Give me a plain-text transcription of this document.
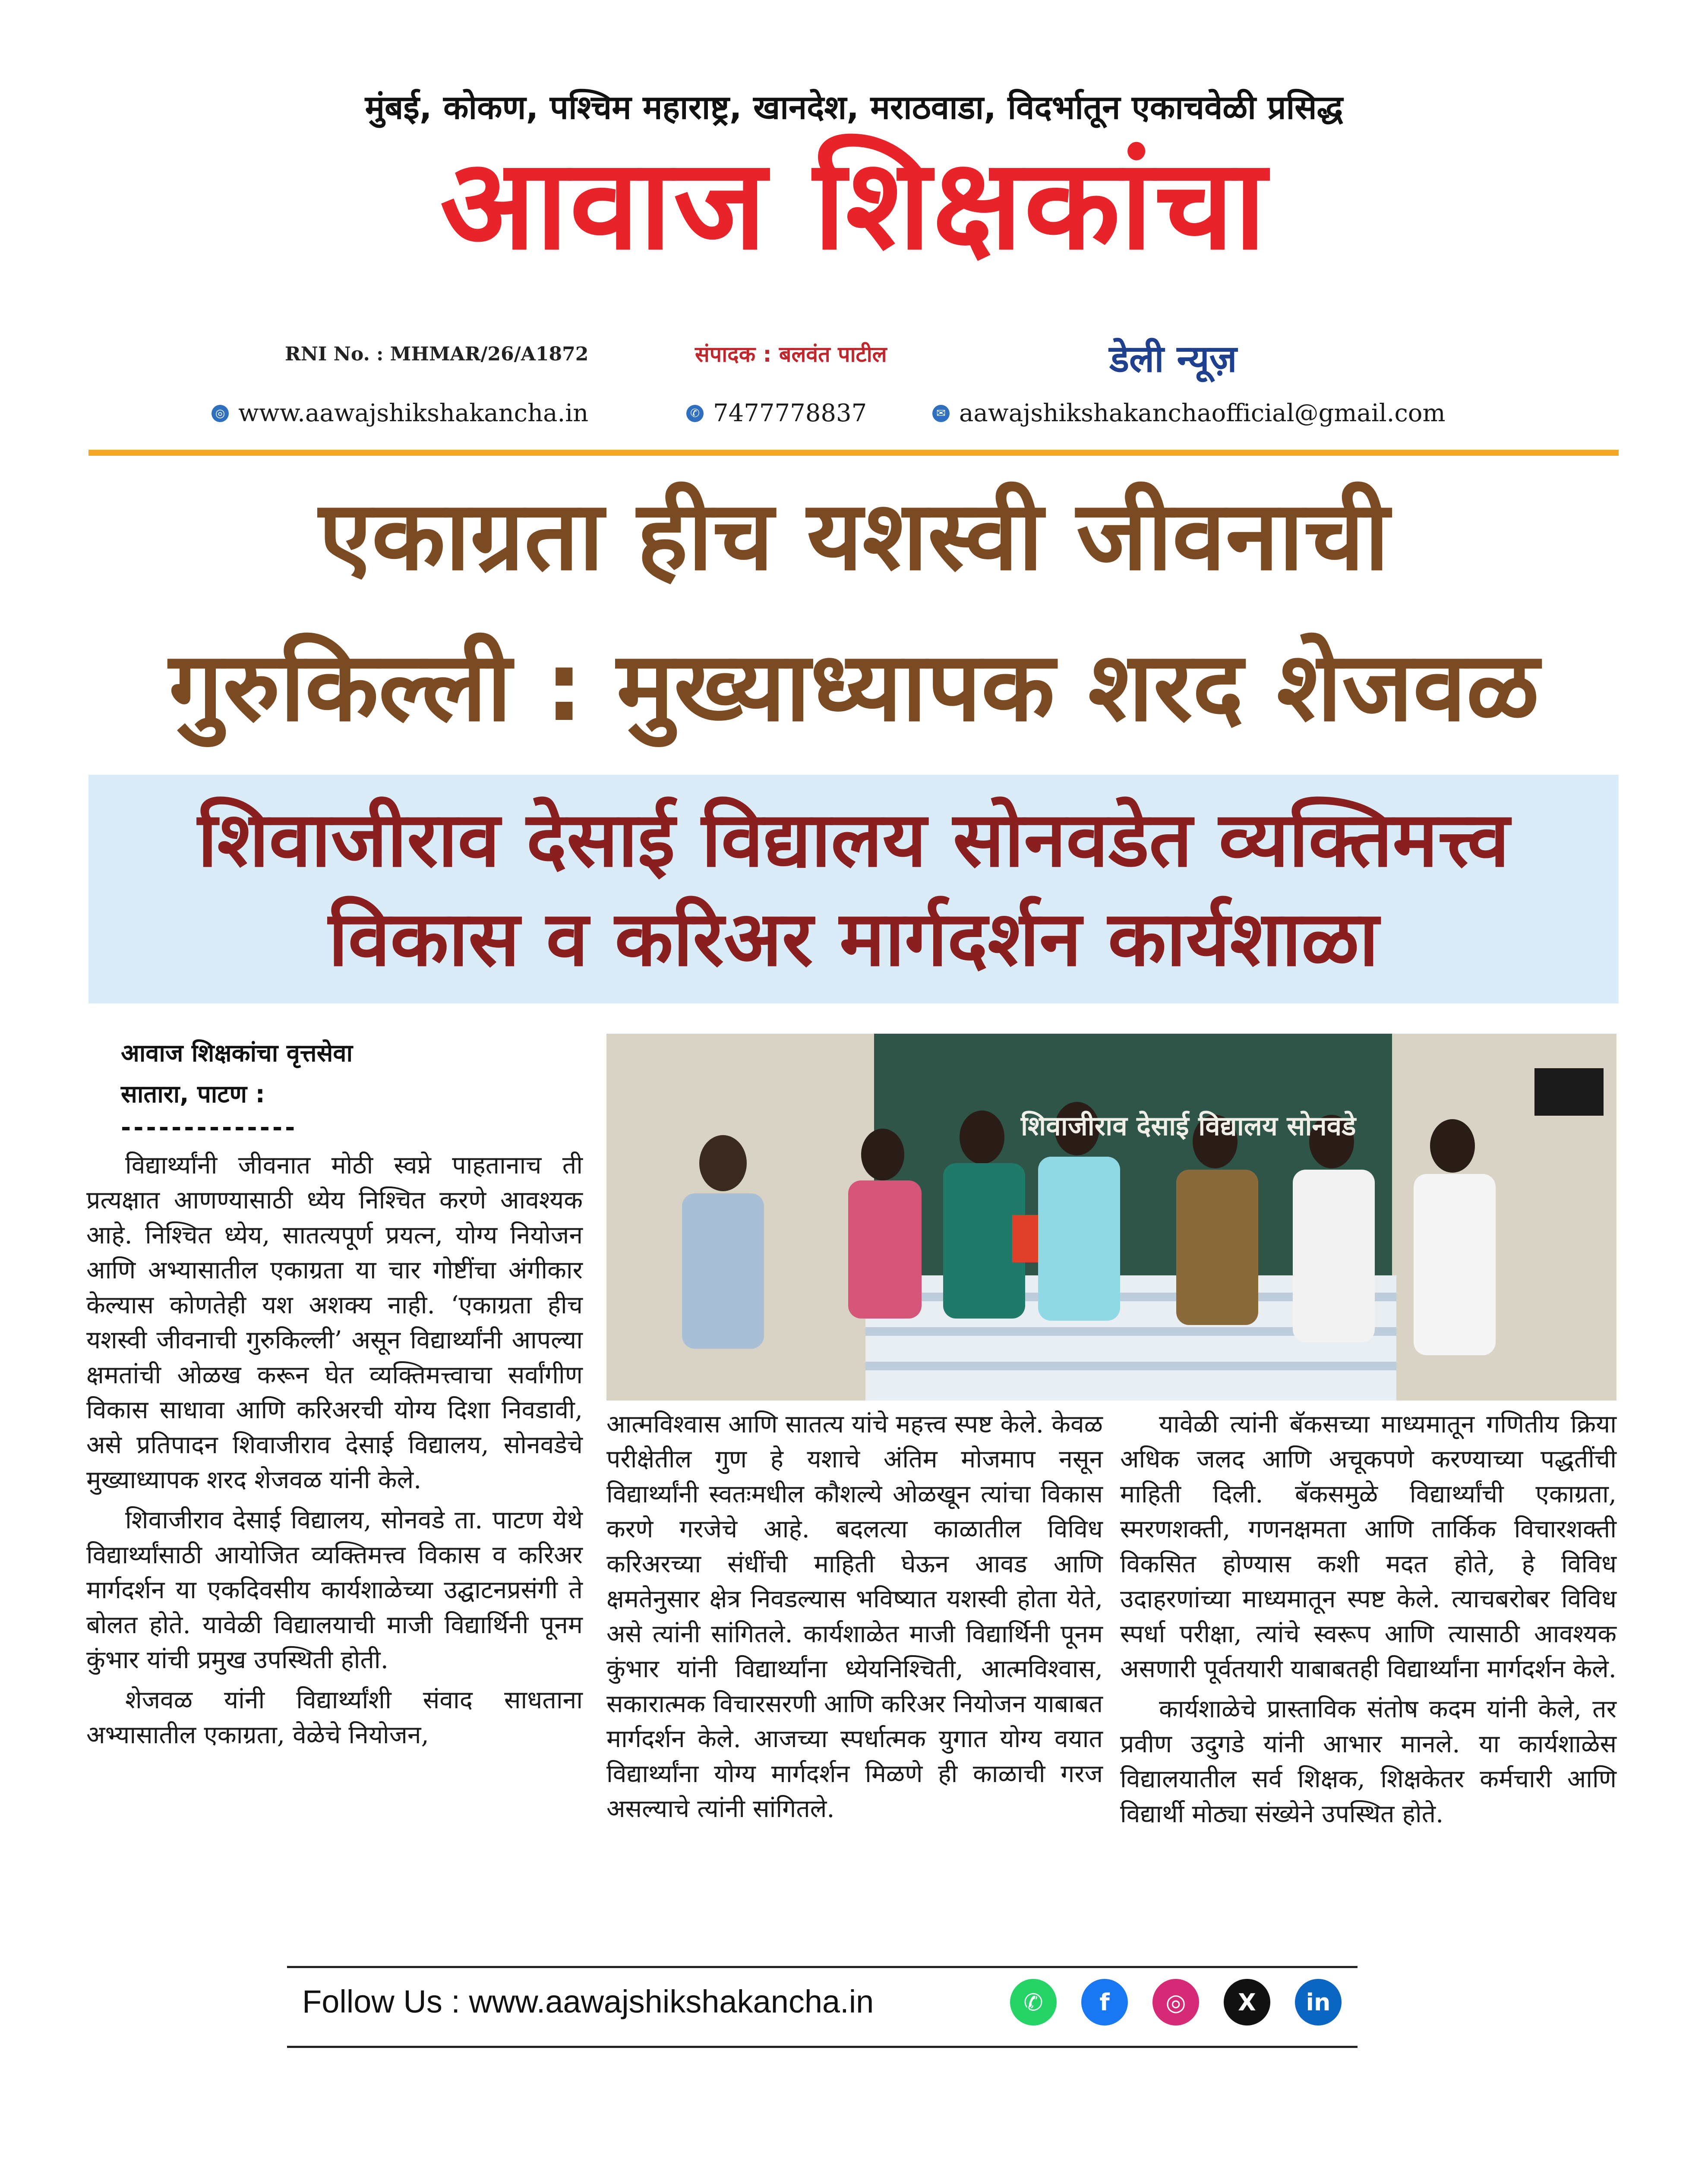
मुंबई, कोकण, पश्चिम महाराष्ट्र, खानदेश, मराठवाडा, विदर्भातून एकाचवेळी प्रसिद्ध
आवाज शिक्षकांचा
RNI No. : MHMAR/26/A1872	संपादक : बलवंत पाटील	डेली न्यूज़
◎ www.aawajshikshakancha.in	✆ 7477778837	✉ aawajshikshakanchaofficial@gmail.com
एकाग्रता हीच यशस्वी जीवनाची
गुरुकिल्ली : मुख्याध्यापक शरद शेजवळ
शिवाजीराव देसाई विद्यालय सोनवडेत व्यक्तिमत्त्व
विकास व करिअर मार्गदर्शन कार्यशाळा
आवाज शिक्षकांचा वृत्तसेवा
सातारा, पाटण :
--------------	शिवाजीराव देसाई विद्यालय सोनवडे

विद्यार्थ्यांनी जीवनात मोठी स्वप्ने पाहतानाच ती प्रत्यक्षात आणण्यासाठी ध्येय निश्चित करणे आवश्यक आहे. निश्चित ध्येय, सातत्यपूर्ण प्रयत्न, योग्य नियोजन आणि अभ्यासातील एकाग्रता या चार गोष्टींचा अंगीकार केल्यास कोणतेही यश अशक्य नाही. ‘एकाग्रता हीच यशस्वी जीवनाची गुरुकिल्ली’ असून विद्यार्थ्यांनी आपल्या क्षमतांची ओळख करून घेत व्यक्तिमत्त्वाचा सर्वांगीण विकास साधावा आणि करिअरची योग्य दिशा निवडावी, असे प्रतिपादन शिवाजीराव देसाई विद्यालय, सोनवडेचे मुख्याध्यापक शरद शेजवळ यांनी केले.

शिवाजीराव देसाई विद्यालय, सोनवडे ता. पाटण येथे विद्यार्थ्यांसाठी आयोजित व्यक्तिमत्त्व विकास व करिअर मार्गदर्शन या एकदिवसीय कार्यशाळेच्या उद्घाटनप्रसंगी ते बोलत होते. यावेळी विद्यालयाची माजी विद्यार्थिनी पूनम कुंभार यांची प्रमुख उपस्थिती होती.

शेजवळ यांनी विद्यार्थ्यांशी संवाद साधताना अभ्यासातील एकाग्रता, वेळेचे नियोजन,

आत्मविश्वास आणि सातत्य यांचे महत्त्व स्पष्ट केले. केवळ परीक्षेतील गुण हे यशाचे अंतिम मोजमाप नसून विद्यार्थ्यांनी स्वतःमधील कौशल्ये ओळखून त्यांचा विकास करणे गरजेचे आहे. बदलत्या काळातील विविध करिअरच्या संधींची माहिती घेऊन आवड आणि क्षमतेनुसार क्षेत्र निवडल्यास भविष्यात यशस्वी होता येते, असे त्यांनी सांगितले. कार्यशाळेत माजी विद्यार्थिनी पूनम कुंभार यांनी विद्यार्थ्यांना ध्येयनिश्चिती, आत्मविश्वास, सकारात्मक विचारसरणी आणि करिअर नियोजन याबाबत मार्गदर्शन केले. आजच्या स्पर्धात्मक युगात योग्य वयात विद्यार्थ्यांना योग्य मार्गदर्शन मिळणे ही काळाची गरज असल्याचे त्यांनी सांगितले.

यावेळी त्यांनी बॅकसच्या माध्यमातून गणितीय क्रिया अधिक जलद आणि अचूकपणे करण्याच्या पद्धतींची माहिती दिली. बॅकसमुळे विद्यार्थ्यांची एकाग्रता, स्मरणशक्ती, गणनक्षमता आणि तार्किक विचारशक्ती विकसित होण्यास कशी मदत होते, हे विविध उदाहरणांच्या माध्यमातून स्पष्ट केले. त्याचबरोबर विविध स्पर्धा परीक्षा, त्यांचे स्वरूप आणि त्यासाठी आवश्यक असणारी पूर्वतयारी याबाबतही विद्यार्थ्यांना मार्गदर्शन केले.

कार्यशाळेचे प्रास्ताविक संतोष कदम यांनी केले, तर प्रवीण उदुगडे यांनी आभार मानले. या कार्यशाळेस विद्यालयातील सर्व शिक्षक, शिक्षकेतर कर्मचारी आणि विद्यार्थी मोठ्या संख्येने उपस्थित होते.

Follow Us : www.aawajshikshakancha.in	✆	f	◎	X	in
